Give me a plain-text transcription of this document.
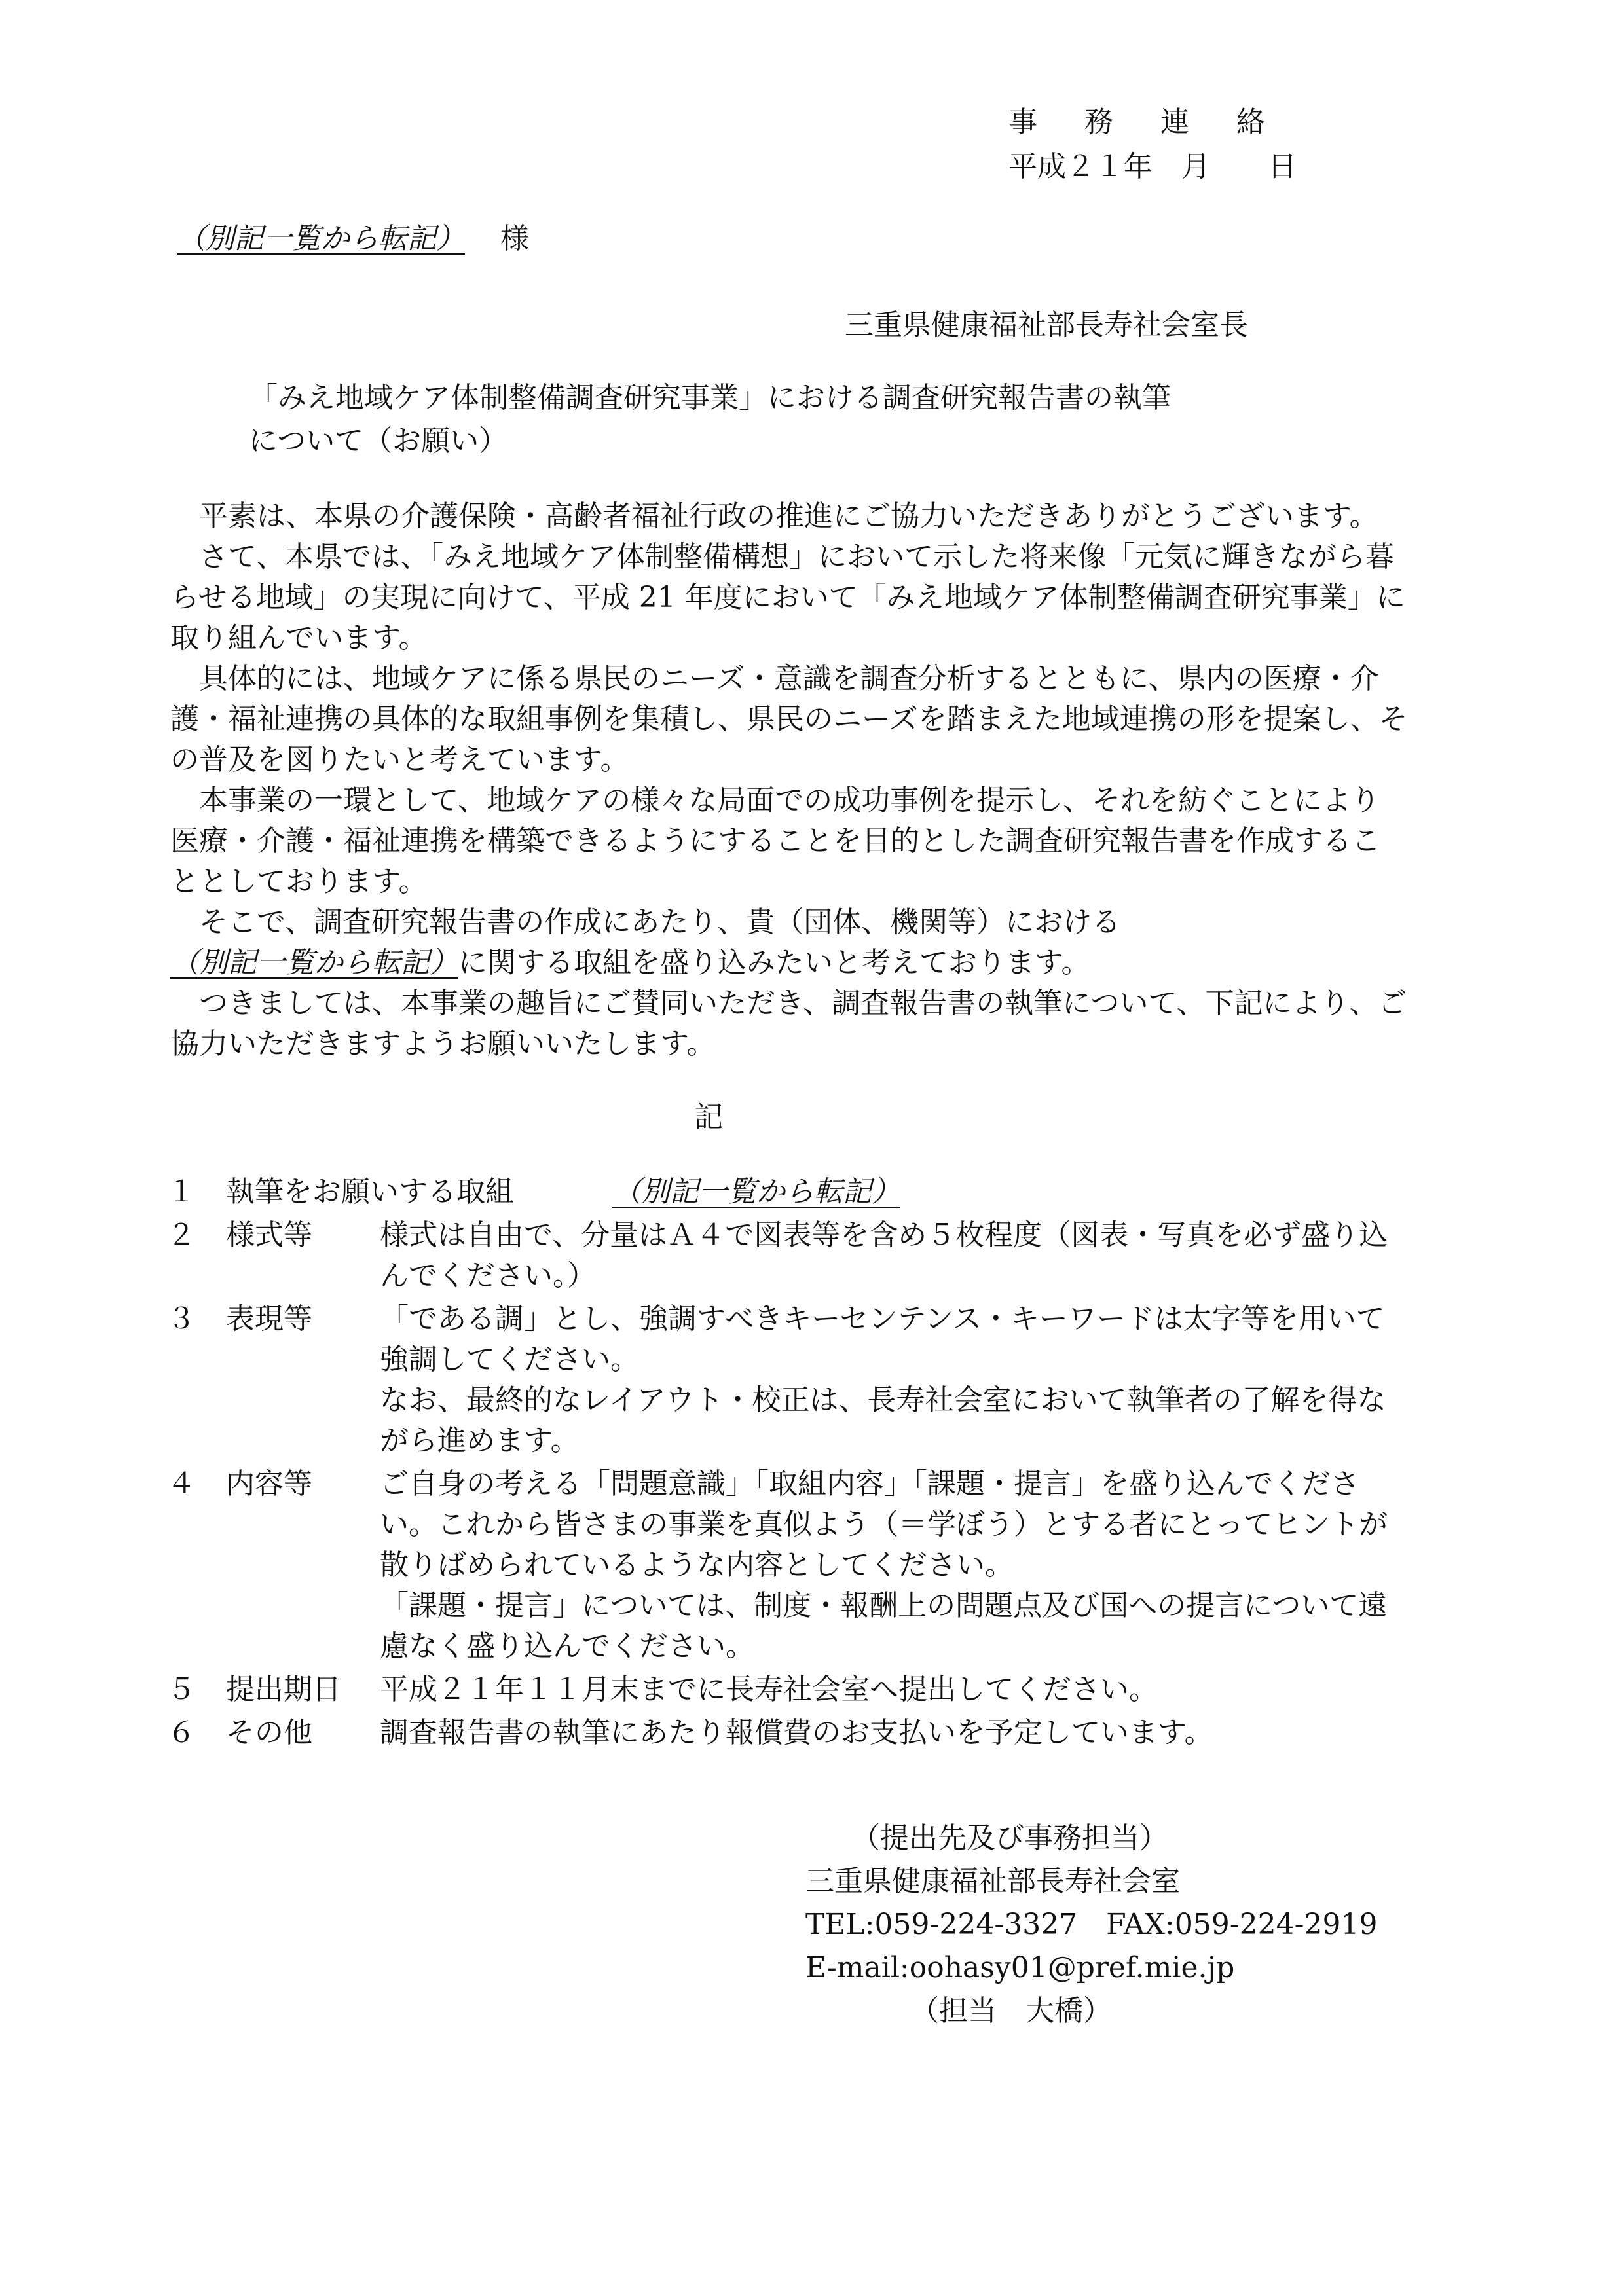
事務連絡
平成２１年　月　　日
（別記一覧から転記） 様
三重県健康福祉部長寿社会室長
「みえ地域ケア体制整備調査研究事業」における調査研究報告書の執筆
について（お願い）

平素は、本県の介護保険・高齢者福祉行政の推進にご協力いただきありがとうございます。

さて、本県では、「みえ地域ケア体制整備構想」において示した将来像「元気に輝きながら暮らせる地域」の実現に向けて、平成 21 年度において「みえ地域ケア体制整備調査研究事業」に取り組んでいます。

具体的には、地域ケアに係る県民のニーズ・意識を調査分析するとともに、県内の医療・介護・福祉連携の具体的な取組事例を集積し、県民のニーズを踏まえた地域連携の形を提案し、その普及を図りたいと考えています。

本事業の一環として、地域ケアの様々な局面での成功事例を提示し、それを紡ぐことにより医療・介護・福祉連携を構築できるようにすることを目的とした調査研究報告書を作成することとしております。

そこで、調査研究報告書の作成にあたり、貴（団体、機関等）における（別記一覧から転記）に関する取組を盛り込みたいと考えております。

つきましては、本事業の趣旨にご賛同いただき、調査報告書の執筆について、下記により、ご協力いただきますようお願いいたします。

記
１	執筆をお願いする取組	（別記一覧から転記）
２	様式等	様式は自由で、分量はＡ４で図表等を含め５枚程度（図表・写真を必ず盛り込んでください。）
３	表現等	「である調」とし、強調すべきキーセンテンス・キーワードは太字等を用いて強調してください。
なお、最終的なレイアウト・校正は、長寿社会室において執筆者の了解を得ながら進めます。
４	内容等	ご自身の考える「問題意識」「取組内容」「課題・提言」を盛り込んでください。これから皆さまの事業を真似よう（＝学ぼう）とする者にとってヒントが散りばめられているような内容としてください。
「課題・提言」については、制度・報酬上の問題点及び国への提言について遠慮なく盛り込んでください。
５	提出期日	平成２１年１１月末までに長寿社会室へ提出してください。
６	その他	調査報告書の執筆にあたり報償費のお支払いを予定しています。
（提出先及び事務担当）
三重県健康福祉部長寿社会室
TEL:059-224-3327　FAX:059-224-2919
E-mail:oohasy01@pref.mie.jp
（担当　大橋）
